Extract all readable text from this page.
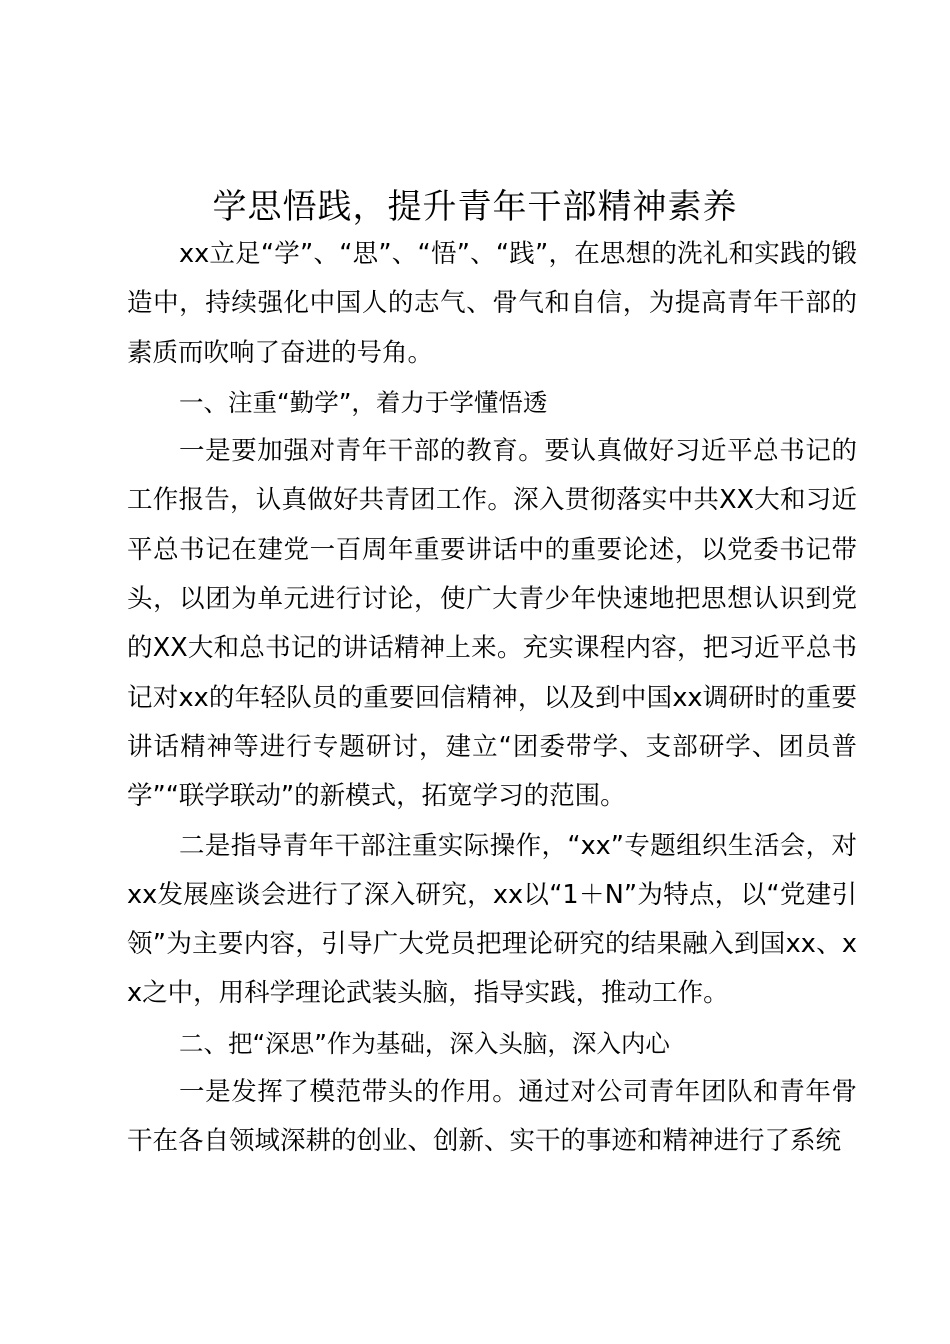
学思悟践，提升青年干部精神素养

xx立足“学”、“思”、“悟”、“践”，在思想的洗礼和实践的锻造中，持续强化中国人的志气、骨气和自信，为提高青年干部的素质而吹响了奋进的号角。

一、注重“勤学”，着力于学懂悟透

一是要加强对青年干部的教育。要认真做好习近平总书记的工作报告，认真做好共青团工作。深入贯彻落实中共XX大和习近平总书记在建党一百周年重要讲话中的重要论述，以党委书记带头，以团为单元进行讨论，使广大青少年快速地把思想认识到党的XX大和总书记的讲话精神上来。充实课程内容，把习近平总书记对xx的年轻队员的重要回信精神，以及到中国xx调研时的重要讲话精神等进行专题研讨，建立“团委带学、支部研学、团员普学”“联学联动”的新模式，拓宽学习的范围。

二是指导青年干部注重实际操作，“xx”专题组织生活会，对xx发展座谈会进行了深入研究，xx以“1＋N”为特点，以“党建引领”为主要内容，引导广大党员把理论研究的结果融入到国xx、xx之中，用科学理论武装头脑，指导实践，推动工作。

二、把“深思”作为基础，深入头脑，深入内心

一是发挥了模范带头的作用。通过对公司青年团队和青年骨干在各自领域深耕的创业、创新、实干的事迹和精神进行了系统
